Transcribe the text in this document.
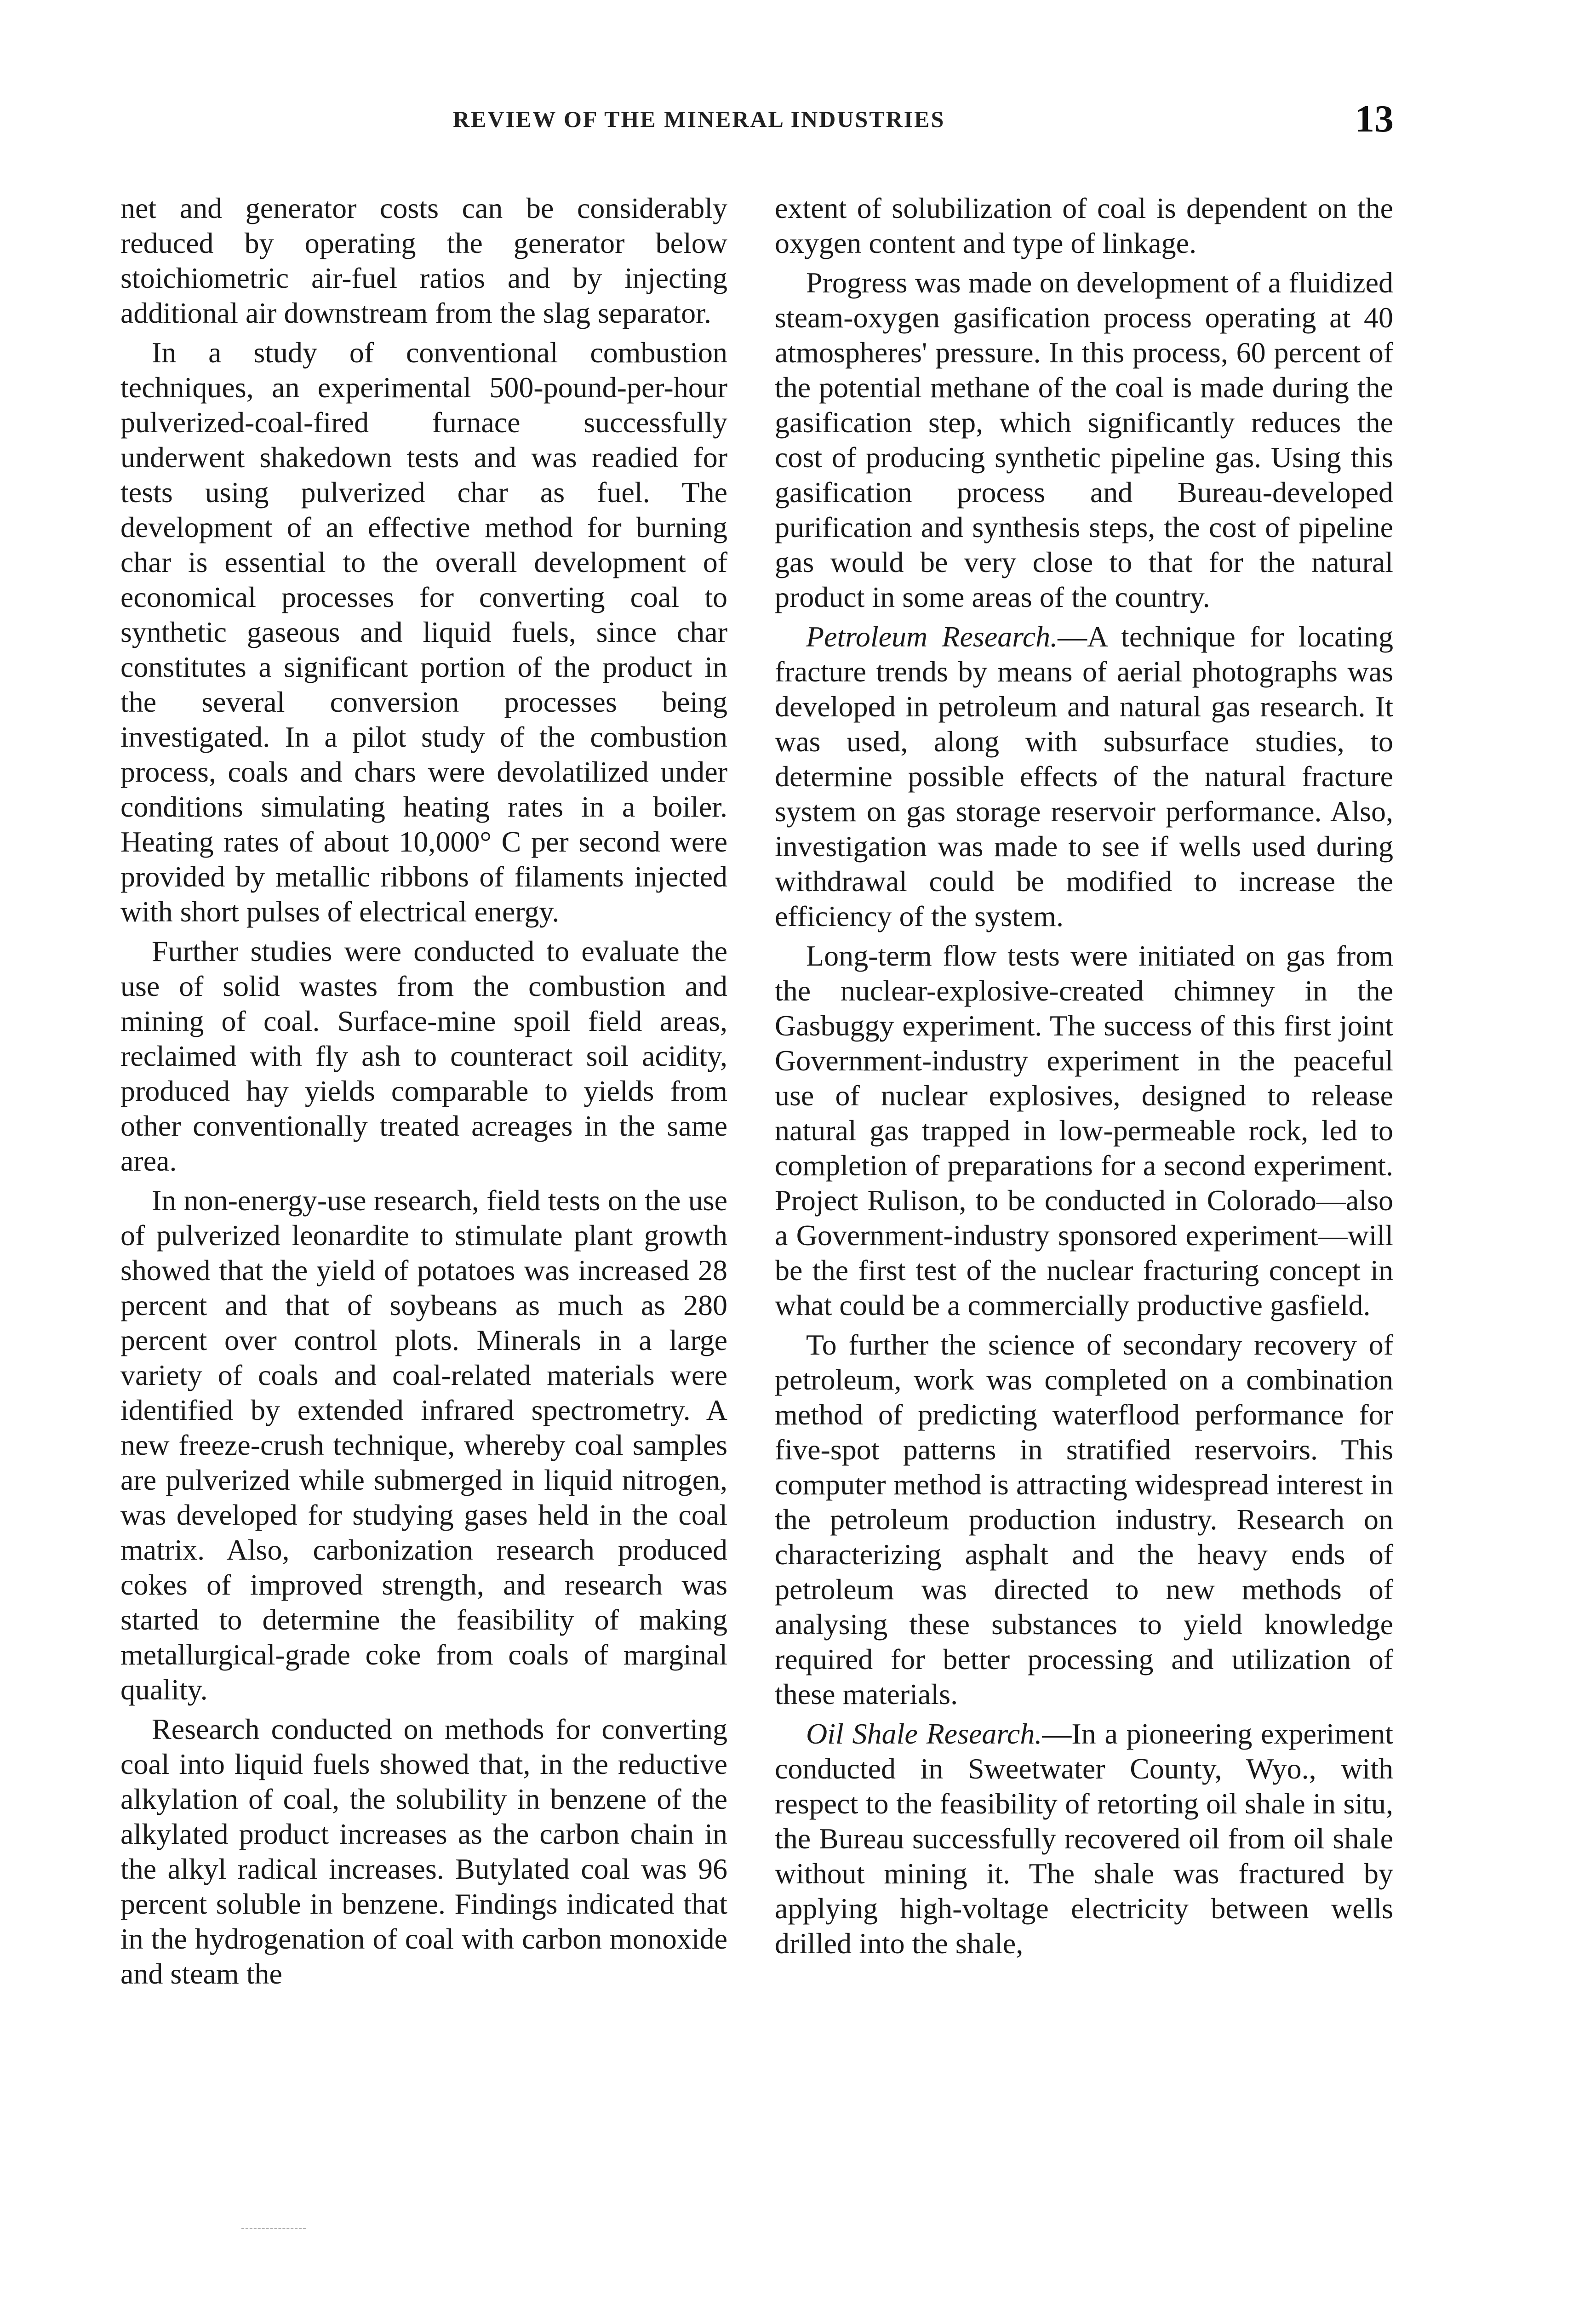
REVIEW OF THE MINERAL INDUSTRIES	13

net and generator costs can be considerably reduced by operating the generator below stoichiometric air-fuel ratios and by injecting additional air downstream from the slag separator.

In a study of conventional combustion techniques, an experimental 500-pound-per-hour pulverized-coal-fired furnace successfully underwent shakedown tests and was readied for tests using pulverized char as fuel. The development of an effective method for burning char is essential to the overall development of economical processes for converting coal to synthetic gaseous and liquid fuels, since char constitutes a significant portion of the product in the several conversion processes being investigated. In a pilot study of the combustion process, coals and chars were devolatilized under conditions simulating heating rates in a boiler. Heating rates of about 10,000° C per second were provided by metallic ribbons of filaments injected with short pulses of electrical energy.

Further studies were conducted to evaluate the use of solid wastes from the combustion and mining of coal. Surface-mine spoil field areas, reclaimed with fly ash to counteract soil acidity, produced hay yields comparable to yields from other conventionally treated acreages in the same area.

In non-energy-use research, field tests on the use of pulverized leonardite to stimulate plant growth showed that the yield of potatoes was increased 28 percent and that of soybeans as much as 280 percent over control plots. Minerals in a large variety of coals and coal-related materials were identified by extended infrared spectrometry. A new freeze-crush technique, whereby coal samples are pulverized while submerged in liquid nitrogen, was developed for studying gases held in the coal matrix. Also, carbonization research produced cokes of improved strength, and research was started to determine the feasibility of making metallurgical-grade coke from coals of marginal quality.

Research conducted on methods for converting coal into liquid fuels showed that, in the reductive alkylation of coal, the solubility in benzene of the alkylated product increases as the carbon chain in the alkyl radical increases. Butylated coal was 96 percent soluble in benzene. Findings indicated that in the hydrogenation of coal with carbon monoxide and steam the

extent of solubilization of coal is dependent on the oxygen content and type of linkage.

Progress was made on development of a fluidized steam-oxygen gasification process operating at 40 atmospheres' pressure. In this process, 60 percent of the potential methane of the coal is made during the gasification step, which significantly reduces the cost of producing synthetic pipeline gas. Using this gasification process and Bureau-developed purification and synthesis steps, the cost of pipeline gas would be very close to that for the natural product in some areas of the country.

Petroleum Research.—A technique for locating fracture trends by means of aerial photographs was developed in petroleum and natural gas research. It was used, along with subsurface studies, to determine possible effects of the natural fracture system on gas storage reservoir performance. Also, investigation was made to see if wells used during withdrawal could be modified to increase the efficiency of the system.

Long-term flow tests were initiated on gas from the nuclear-explosive-created chimney in the Gasbuggy experiment. The success of this first joint Government-industry experiment in the peaceful use of nuclear explosives, designed to release natural gas trapped in low-permeable rock, led to completion of preparations for a second experiment. Project Rulison, to be conducted in Colorado—also a Government-industry sponsored experiment—will be the first test of the nuclear fracturing concept in what could be a commercially productive gasfield.

To further the science of secondary recovery of petroleum, work was completed on a combination method of predicting waterflood performance for five-spot patterns in stratified reservoirs. This computer method is attracting widespread interest in the petroleum production industry. Research on characterizing asphalt and the heavy ends of petroleum was directed to new methods of analysing these substances to yield knowledge required for better processing and utilization of these materials.

Oil Shale Research.—In a pioneering experiment conducted in Sweetwater County, Wyo., with respect to the feasibility of retorting oil shale in situ, the Bureau successfully recovered oil from oil shale without mining it. The shale was fractured by applying high-voltage electricity between wells drilled into the shale,
